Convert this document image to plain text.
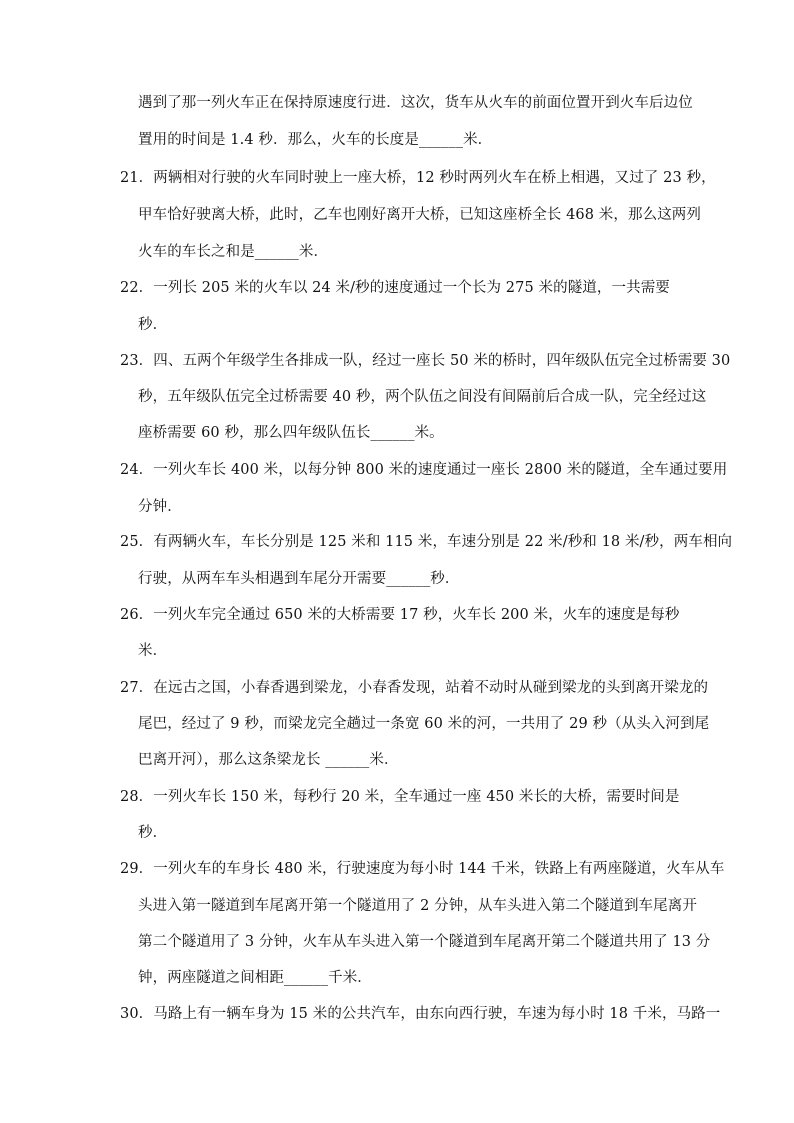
遇到了那一列火车正在保持原速度行进．这次，货车从火车的前面位置开到火车后边位
置用的时间是 1.4 秒．那么，火车的长度是______米．
21．两辆相对行驶的火车同时驶上一座大桥，12 秒时两列火车在桥上相遇，又过了 23 秒，
甲车恰好驶离大桥，此时，乙车也刚好离开大桥，已知这座桥全长 468 米，那么这两列
火车的车长之和是______米．
22．一列长 205 米的火车以 24 米/秒的速度通过一个长为 275 米的隧道，一共需要
秒．
23．四、五两个年级学生各排成一队，经过一座长 50 米的桥时，四年级队伍完全过桥需要 30
秒，五年级队伍完全过桥需要 40 秒，两个队伍之间没有间隔前后合成一队，完全经过这
座桥需要 60 秒，那么四年级队伍长______米。
24．一列火车长 400 米，以每分钟 800 米的速度通过一座长 2800 米的隧道，全车通过要用
分钟．
25．有两辆火车，车长分别是 125 米和 115 米，车速分别是 22 米/秒和 18 米/秒，两车相向
行驶，从两车车头相遇到车尾分开需要______秒．
26．一列火车完全通过 650 米的大桥需要 17 秒，火车长 200 米，火车的速度是每秒
米．
27．在远古之国，小春香遇到梁龙，小春香发现，站着不动时从碰到梁龙的头到离开梁龙的
尾巴，经过了 9 秒，而梁龙完全趟过一条宽 60 米的河，一共用了 29 秒（从头入河到尾
巴离开河），那么这条梁龙长 ______米．
28．一列火车长 150 米，每秒行 20 米，全车通过一座 450 米长的大桥，需要时间是
秒．
29．一列火车的车身长 480 米，行驶速度为每小时 144 千米，铁路上有两座隧道，火车从车
头进入第一隧道到车尾离开第一个隧道用了 2 分钟，从车头进入第二个隧道到车尾离开
第二个隧道用了 3 分钟，火车从车头进入第一个隧道到车尾离开第二个隧道共用了 13 分
钟，两座隧道之间相距______千米．
30．马路上有一辆车身为 15 米的公共汽车，由东向西行驶，车速为每小时 18 千米，马路一
